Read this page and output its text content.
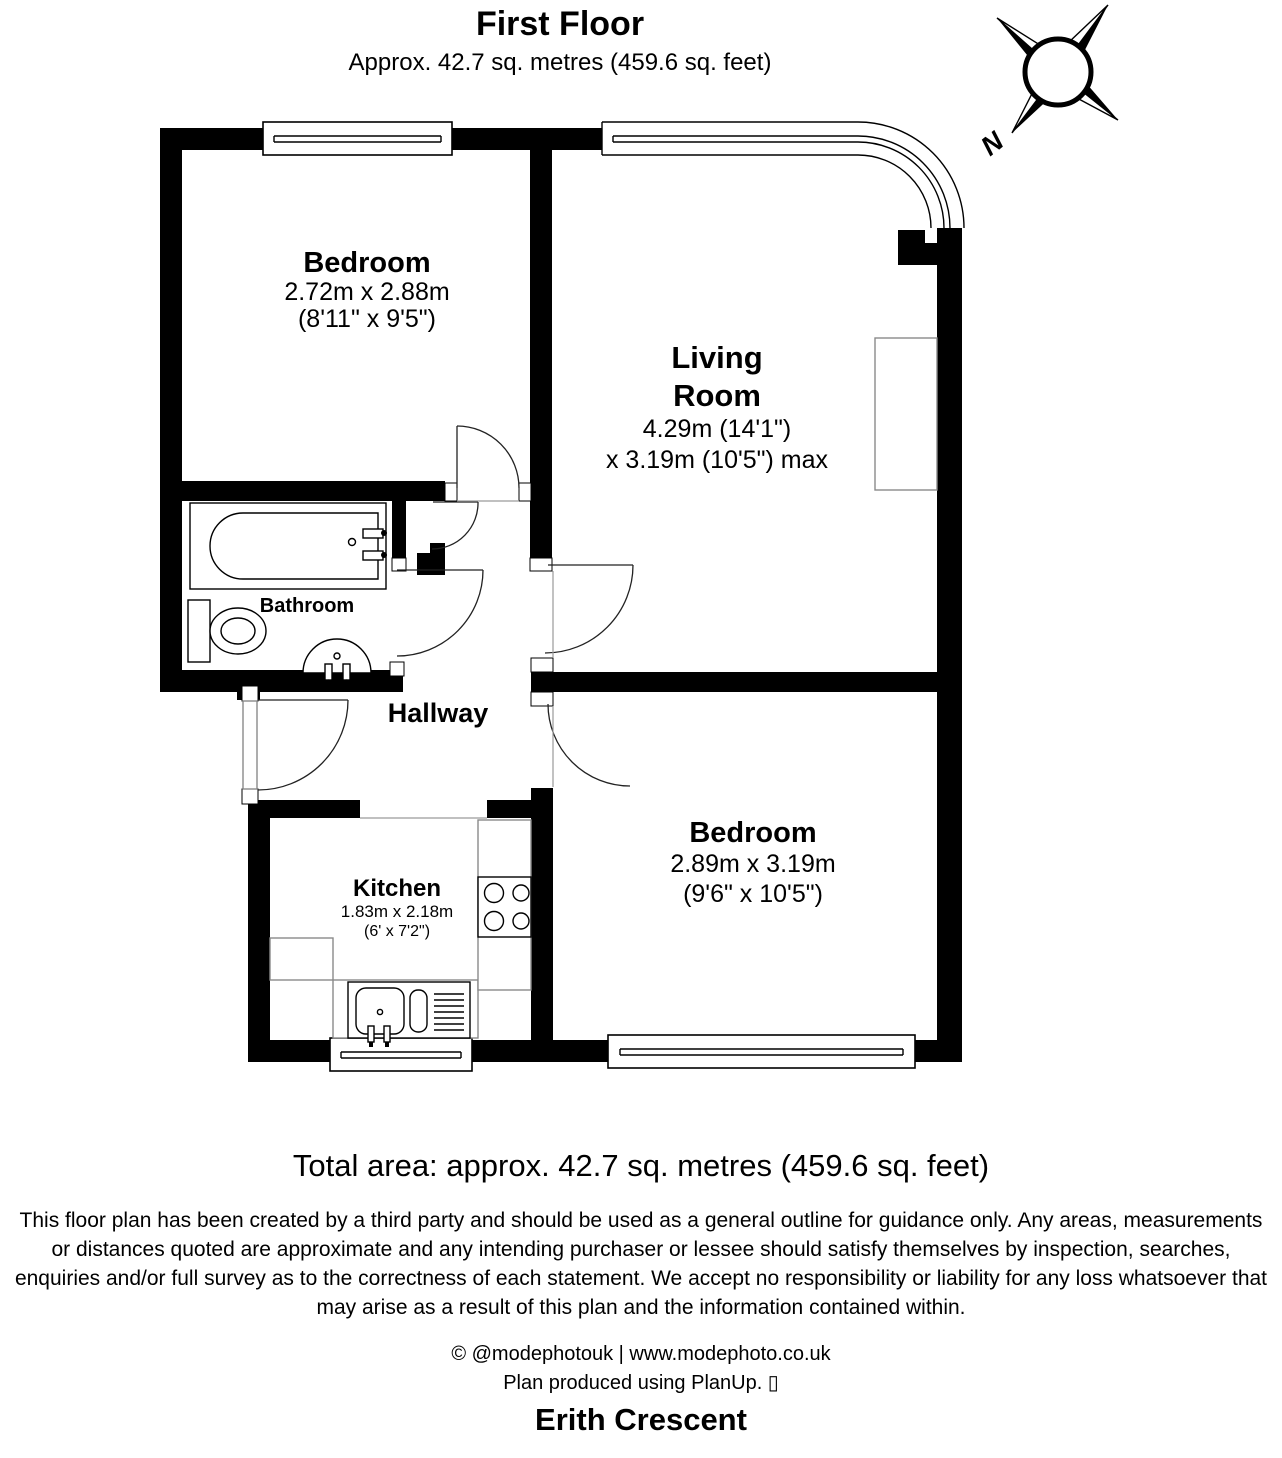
First Floor
Approx. 42.7 sq. metres (459.6 sq. feet)
N
Bedroom
2.72m x 2.88m
(8'11" x 9'5")
Living
Room
4.29m (14'1")
x 3.19m (10'5") max
Bathroom
Hallway
Kitchen
1.83m x 2.18m
(6' x 7'2")
Bedroom
2.89m x 3.19m
(9'6" x 10'5")
Total area: approx. 42.7 sq. metres (459.6 sq. feet)
This floor plan has been created by a third party and should be used as a general outline for guidance only. Any areas, measurements or distances quoted are approximate and any intending purchaser or lessee should satisfy themselves by inspection, searches, enquiries and/or full survey as to the correctness of each statement. We accept no responsibility or liability for any loss whatsoever that may arise as a result of this plan and the information contained within.
© @modephotouk | www.modephoto.co.uk
Plan produced using PlanUp. ▯
Erith Crescent
